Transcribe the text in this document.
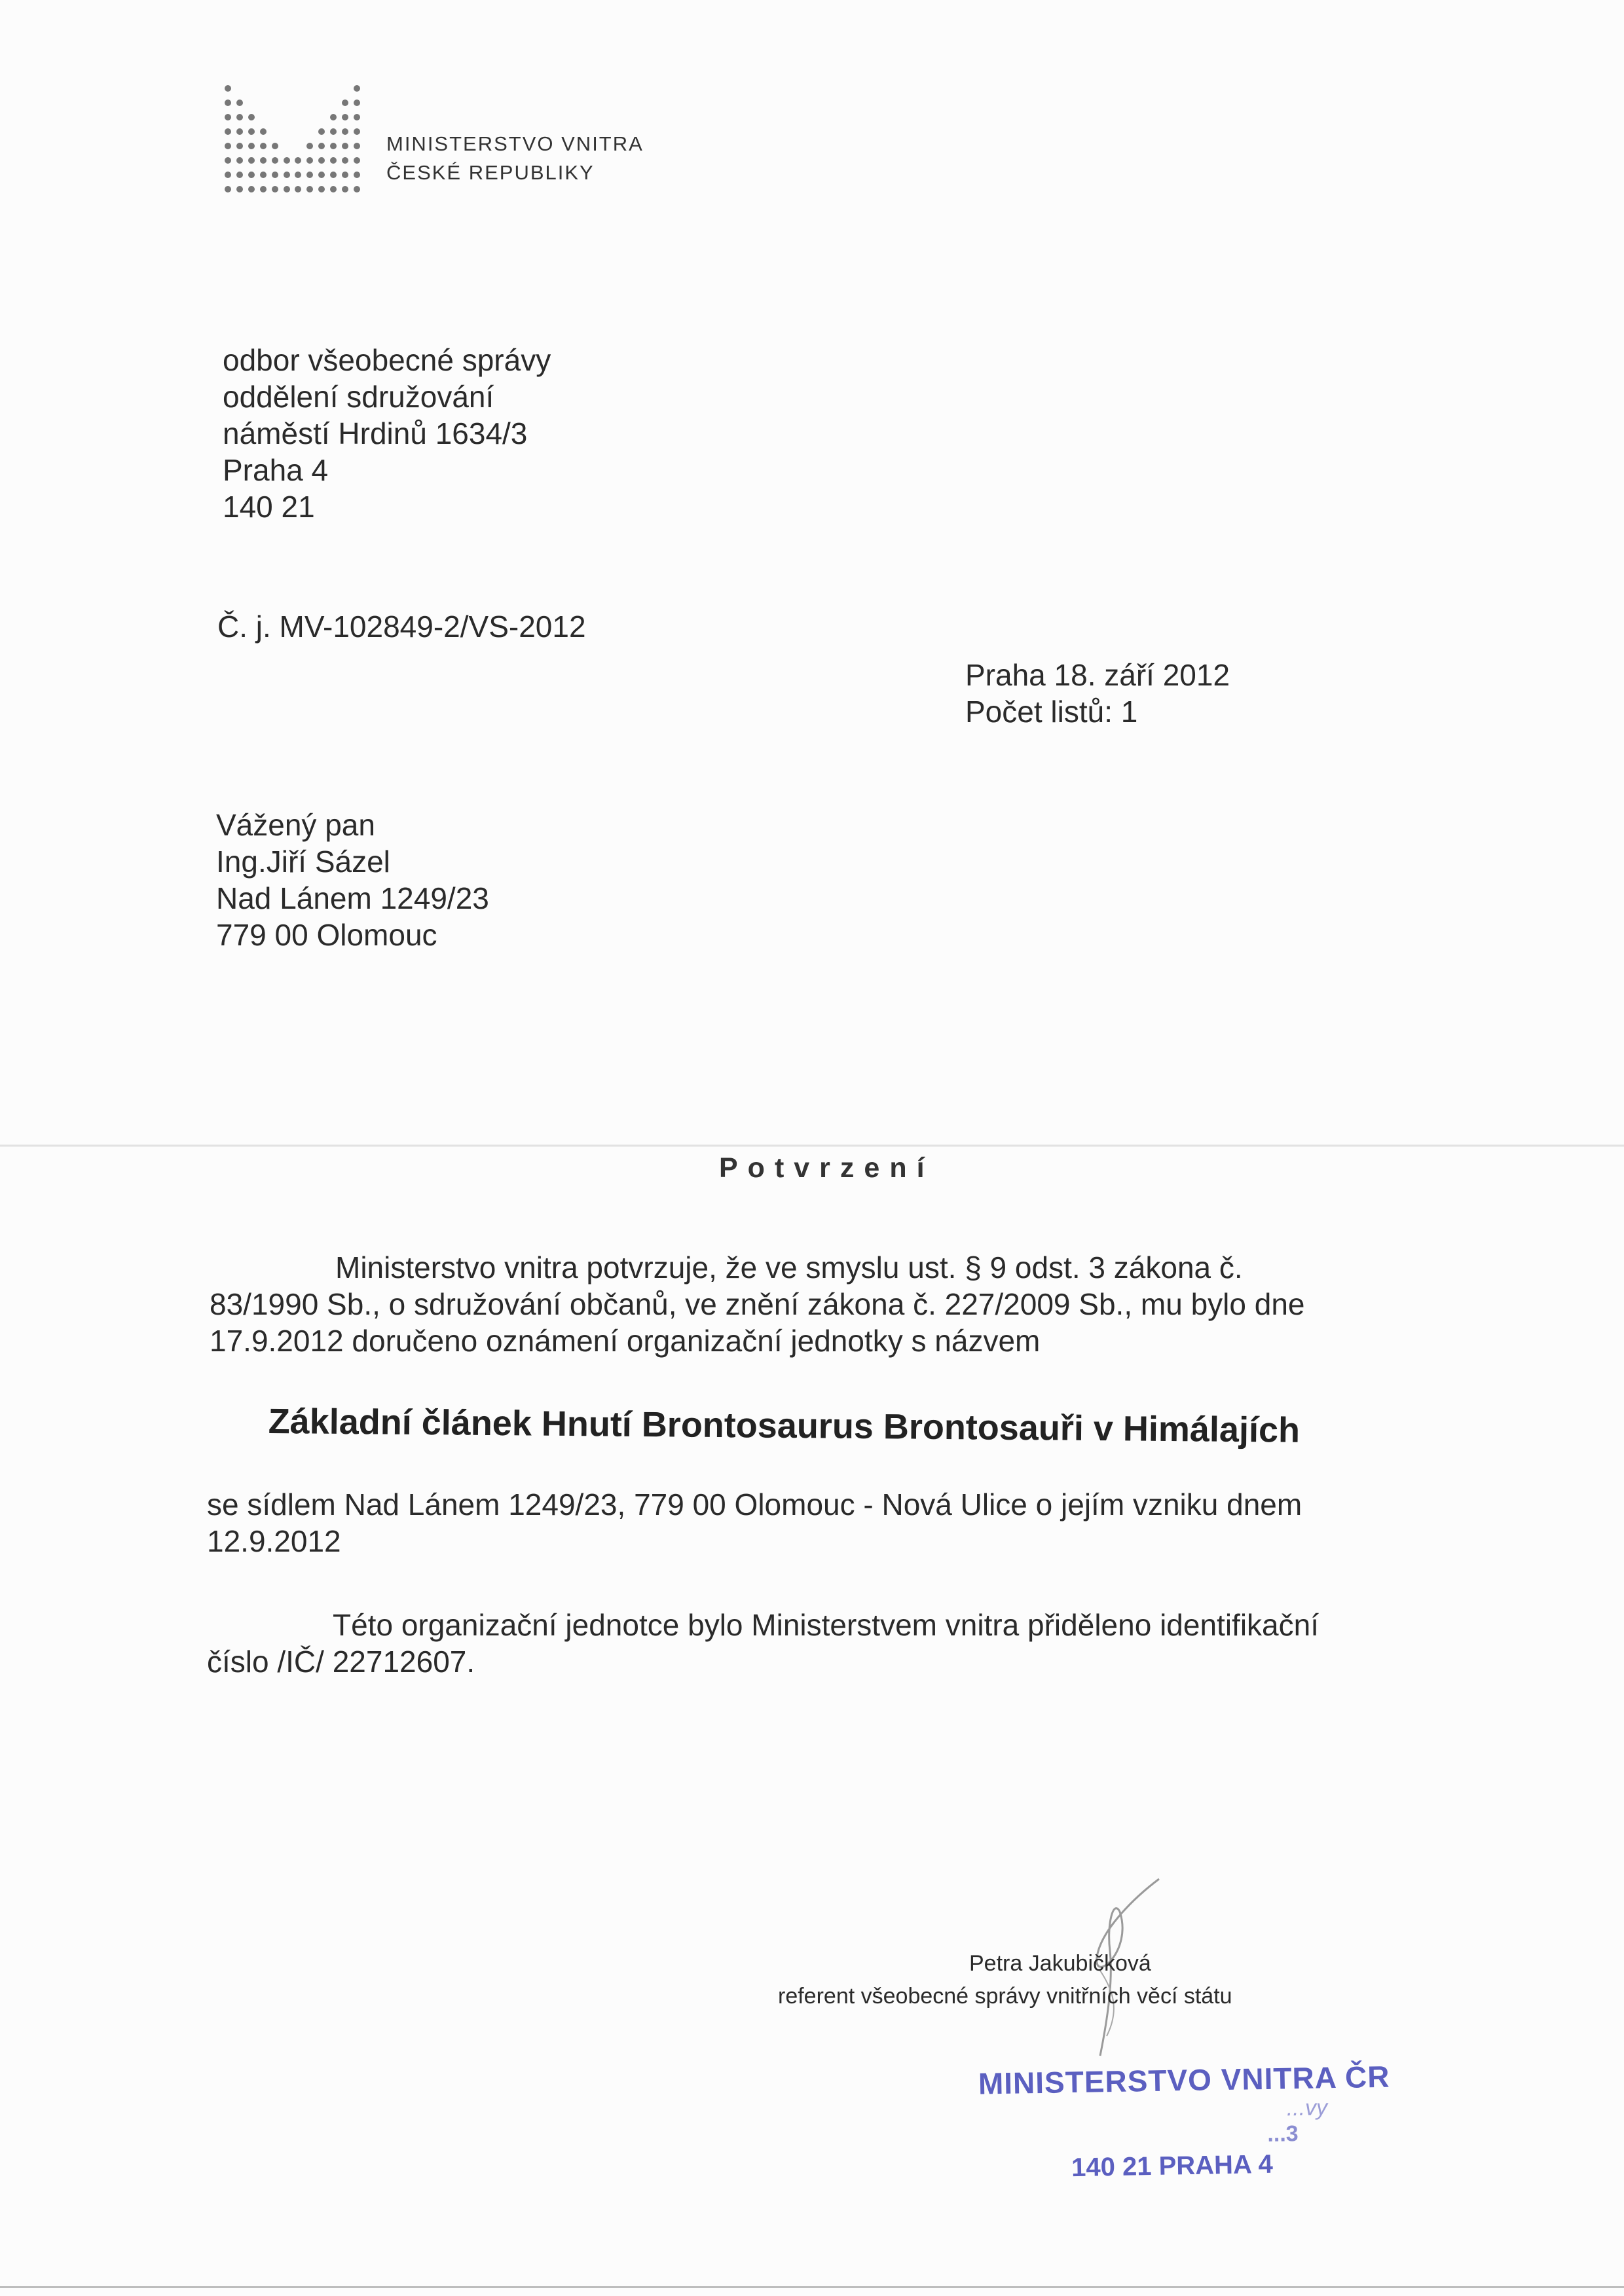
MINISTERSTVO VNITRA
ČESKÉ REPUBLIKY
odbor všeobecné správy
oddělení sdružování
náměstí Hrdinů 1634/3
Praha 4
140 21
Č. j. MV-102849-2/VS-2012
Praha 18. září 2012
Počet listů: 1
Vážený pan
Ing.Jiří Sázel
Nad Lánem 1249/23
779 00 Olomouc
Potvrzení
Ministerstvo vnitra potvrzuje, že ve smyslu ust. § 9 odst. 3 zákona č.
83/1990 Sb., o sdružování občanů, ve znění zákona č. 227/2009 Sb., mu bylo dne
17.9.2012 doručeno oznámení organizační jednotky s názvem
Základní článek Hnutí Brontosaurus Brontosauři v Himálajích
se sídlem Nad Lánem 1249/23, 779 00 Olomouc - Nová Ulice o jejím vzniku dnem
12.9.2012
Této organizační jednotce bylo Ministerstvem vnitra přiděleno identifikační
číslo /IČ/ 22712607.
Petra Jakubičková
referent všeobecné správy vnitřních věcí státu
MINISTERSTVO VNITRA ČR
...vy
...3
140 21 PRAHA 4
